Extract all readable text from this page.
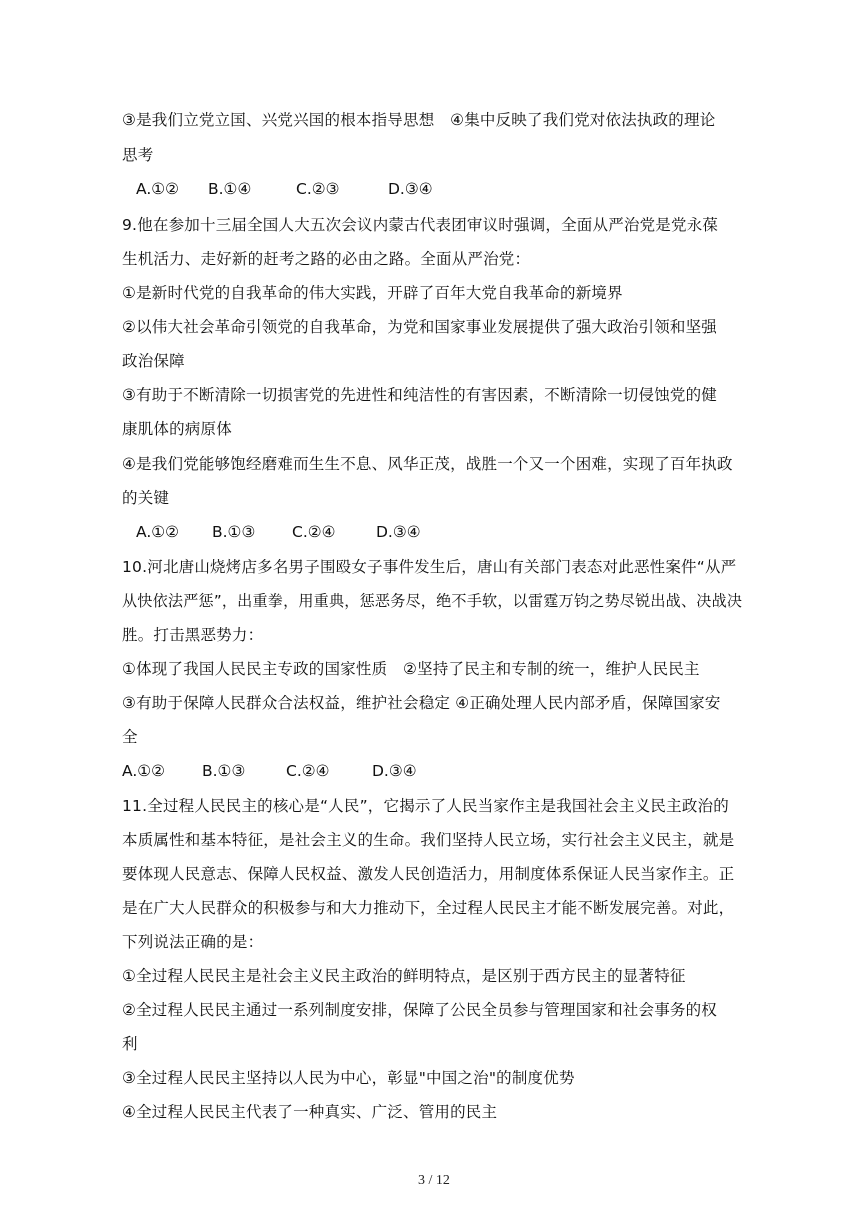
③是我们立党立国、兴党兴国的根本指导思想　④集中反映了我们党对依法执政的理论
思考
A.①② B.①④	C.②③	D.③④
9.他在参加十三届全国人大五次会议内蒙古代表团审议时强调，全面从严治党是党永葆
生机活力、走好新的赶考之路的必由之路。全面从严治党：
①是新时代党的自我革命的伟大实践，开辟了百年大党自我革命的新境界
②以伟大社会革命引领党的自我革命，为党和国家事业发展提供了强大政治引领和坚强
政治保障
③有助于不断清除一切损害党的先进性和纯洁性的有害因素，不断清除一切侵蚀党的健
康肌体的病原体
④是我们党能够饱经磨难而生生不息、风华正茂，战胜一个又一个困难，实现了百年执政
的关键
A.①② B.①③ C.②④	D.③④
10.河北唐山烧烤店多名男子围殴女子事件发生后，唐山有关部门表态对此恶性案件“从严
从快依法严惩”，出重拳，用重典，惩恶务尽，绝不手软，以雷霆万钧之势尽锐出战、决战决
胜。打击黑恶势力：
①体现了我国人民民主专政的国家性质　②坚持了民主和专制的统一，维护人民民主
③有助于保障人民群众合法权益，维护社会稳定 ④正确处理人民内部矛盾，保障国家安
全
A.①② B.①③	C.②④	D.③④
11.全过程人民民主的核心是“人民”，它揭示了人民当家作主是我国社会主义民主政治的
本质属性和基本特征，是社会主义的生命。我们坚持人民立场，实行社会主义民主，就是
要体现人民意志、保障人民权益、激发人民创造活力，用制度体系保证人民当家作主。正
是在广大人民群众的积极参与和大力推动下，全过程人民民主才能不断发展完善。对此，
下列说法正确的是：
①全过程人民民主是社会主义民主政治的鲜明特点，是区别于西方民主的显著特征
②全过程人民民主通过一系列制度安排，保障了公民全员参与管理国家和社会事务的权
利
③全过程人民民主坚持以人民为中心，彰显"中国之治"的制度优势
④全过程人民民主代表了一种真实、广泛、管用的民主
3 / 12
